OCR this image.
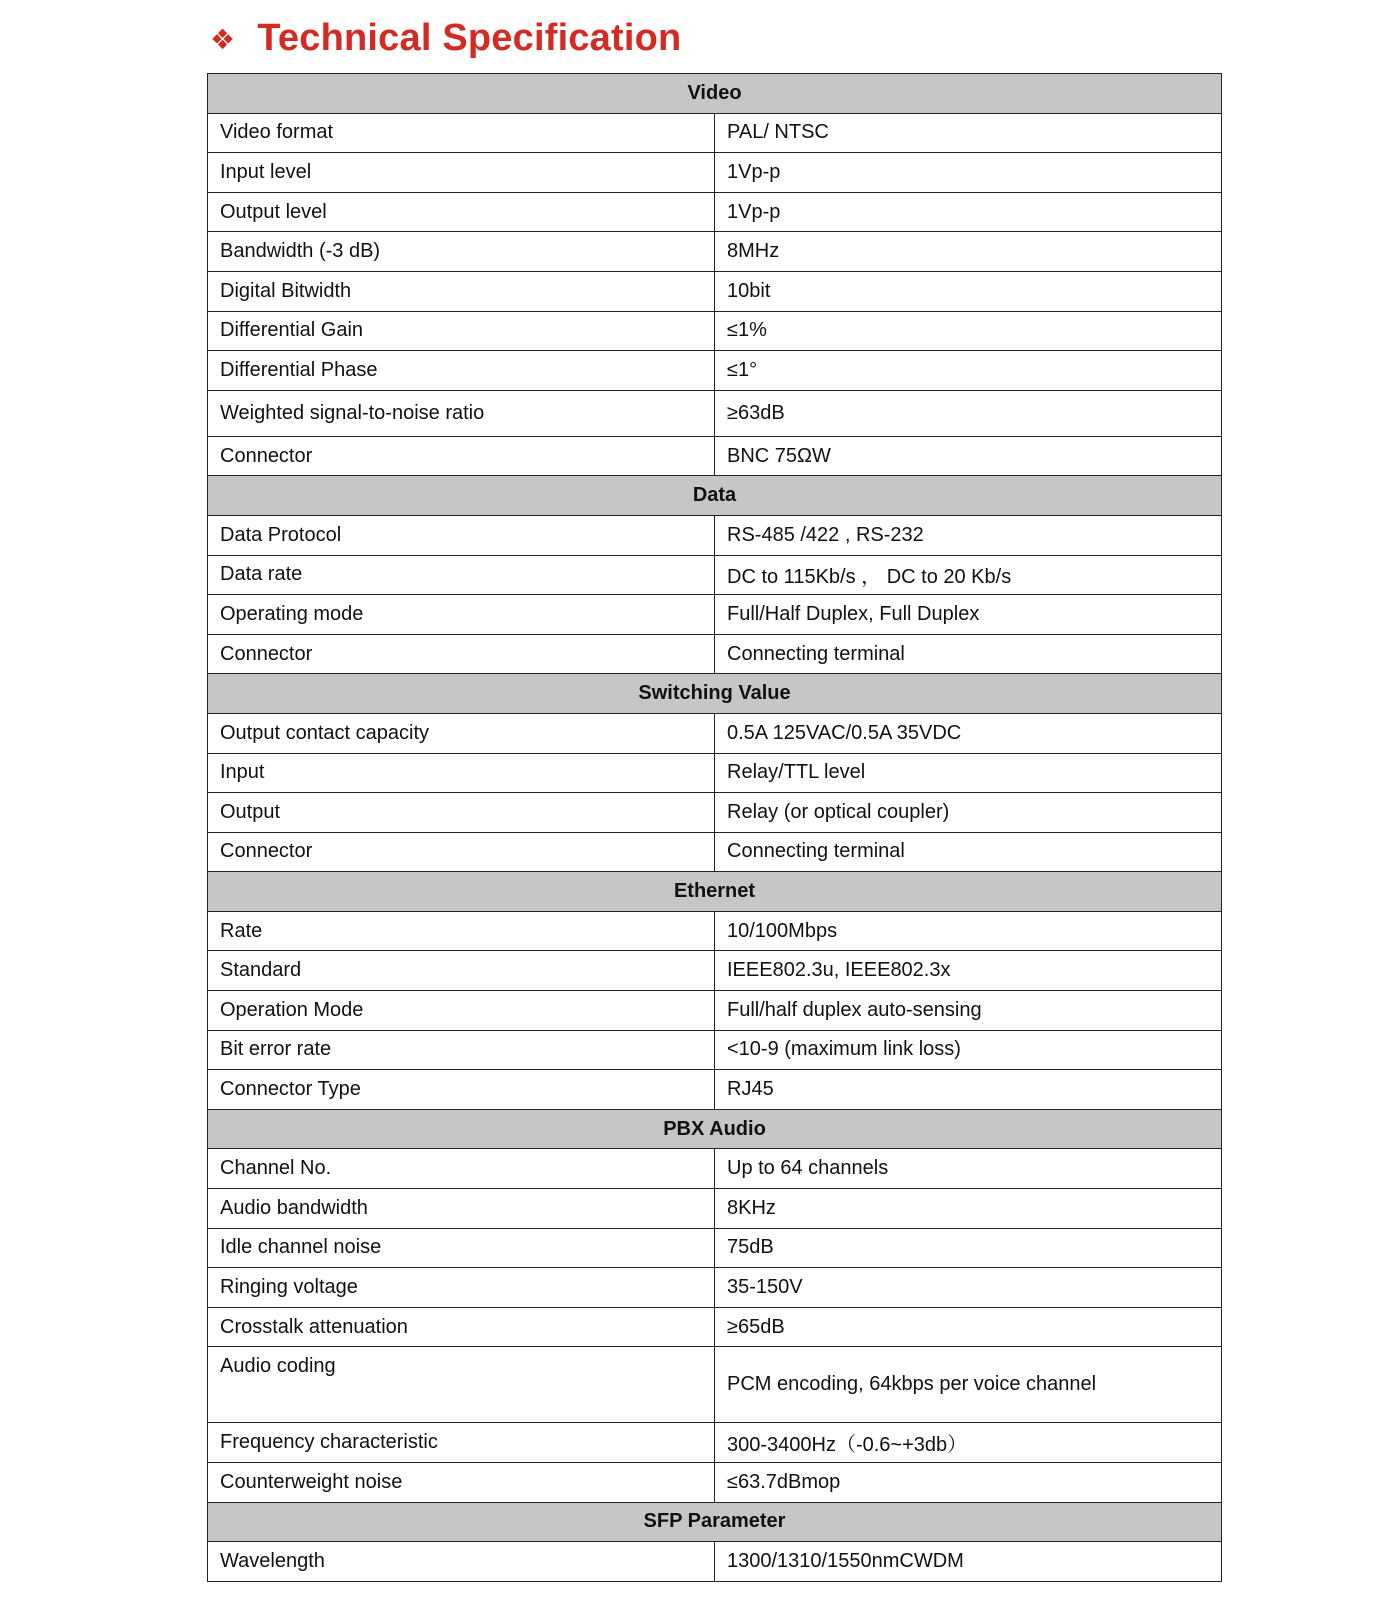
❖ Technical Specification
Video	
Video format	PAL/ NTSC
Input level	1Vp-p
Output level	1Vp-p
Bandwidth (-3 dB)	8MHz
Digital Bitwidth	10bit
Differential Gain	≤1%
Differential Phase	≤1°
Weighted signal-to-noise ratio	≥63dB
Connector	BNC 75ΩW
Data	
Data Protocol	RS-485 /422 , RS-232
Data rate	DC to 115Kb/s ， DC to 20 Kb/s
Operating mode	Full/Half Duplex, Full Duplex
Connector	Connecting terminal
Switching Value	
Output contact capacity	0.5A 125VAC/0.5A 35VDC
Input	Relay/TTL level
Output	Relay (or optical coupler)
Connector	Connecting terminal
Ethernet	
Rate	10/100Mbps
Standard	IEEE802.3u, IEEE802.3x
Operation Mode	Full/half duplex auto-sensing
Bit error rate	<10-9 (maximum link loss)
Connector Type	RJ45
PBX Audio	
Channel No.	Up to 64 channels
Audio bandwidth	8KHz
Idle channel noise	75dB
Ringing voltage	35-150V
Crosstalk attenuation	≥65dB
Audio coding	PCM encoding, 64kbps per voice channel
Frequency characteristic	300-3400Hz（-0.6~+3db）
Counterweight noise	≤63.7dBmop
SFP Parameter	
Wavelength	1300/1310/1550nmCWDM
